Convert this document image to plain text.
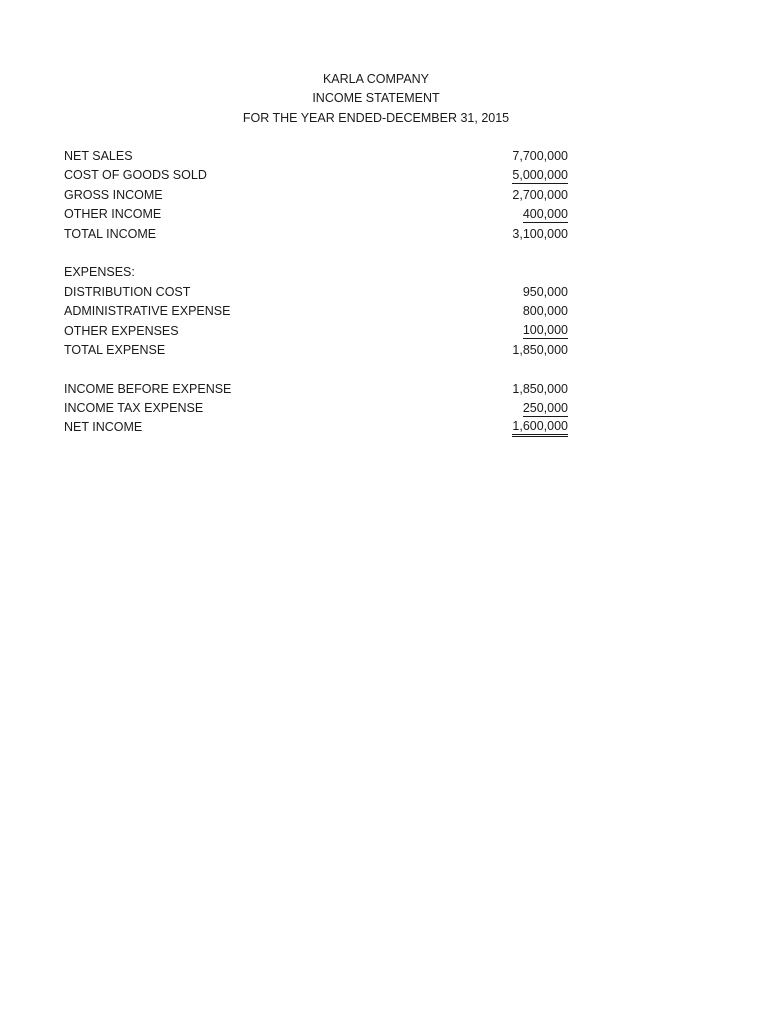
KARLA COMPANY
INCOME STATEMENT
FOR THE YEAR ENDED-DECEMBER 31, 2015
NET SALES	7,700,000
COST OF GOODS SOLD	5,000,000
GROSS INCOME	2,700,000
OTHER INCOME	400,000
TOTAL INCOME	3,100,000
EXPENSES:
DISTRIBUTION COST	950,000
ADMINISTRATIVE EXPENSE	800,000
OTHER EXPENSES	100,000
TOTAL EXPENSE	1,850,000
INCOME BEFORE EXPENSE	1,850,000
INCOME TAX EXPENSE	250,000
NET INCOME	1,600,000
